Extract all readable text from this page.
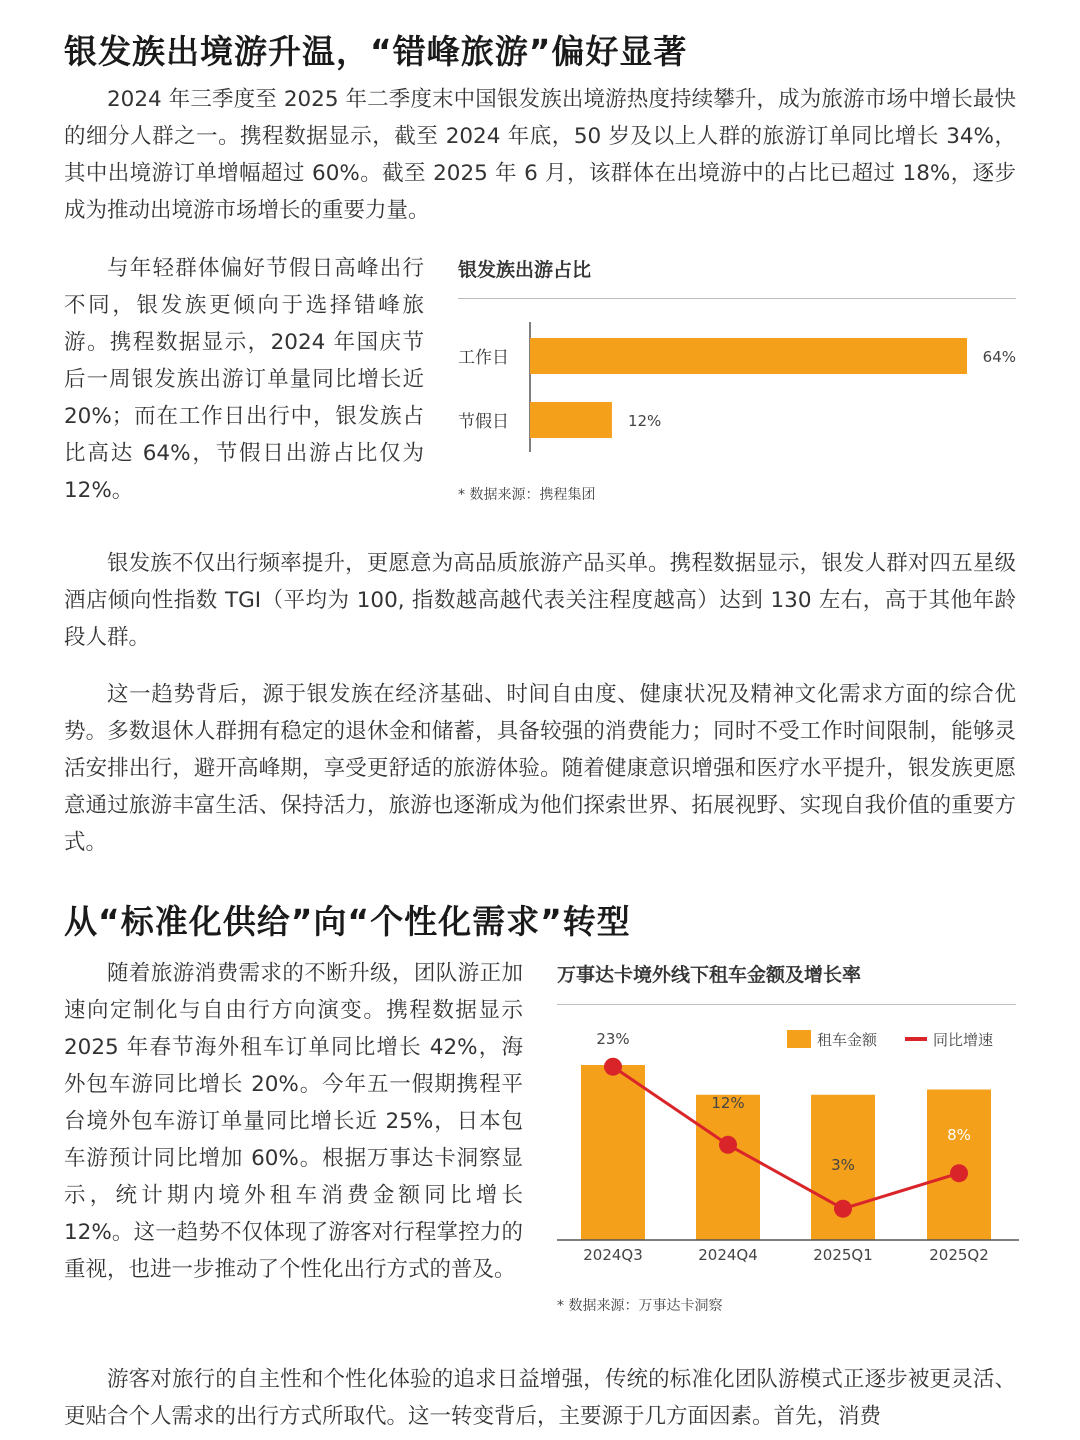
银发族出境游升温，“错峰旅游”偏好显著

2024 年三季度至 2025 年二季度末中国银发族出境游热度持续攀升，成为旅游市场中增长最快的细分人群之一。携程数据显示，截至 2024 年底，50 岁及以上人群的旅游订单同比增长 34%，其中出境游订单增幅超过 60%。截至 2025 年 6 月，该群体在出境游中的占比已超过 18%，逐步成为推动出境游市场增长的重要力量。

与年轻群体偏好节假日高峰出行不同，银发族更倾向于选择错峰旅游。携程数据显示，2024 年国庆节后一周银发族出游订单量同比增长近 20%；而在工作日出行中，银发族占比高达 64%，节假日出游占比仅为 12%。

银发族出游占比
工作日	64%
节假日	12%
* 数据来源：携程集团

银发族不仅出行频率提升，更愿意为高品质旅游产品买单。携程数据显示，银发人群对四五星级酒店倾向性指数 TGI（平均为 100, 指数越高越代表关注程度越高）达到 130 左右，高于其他年龄段人群。

这一趋势背后，源于银发族在经济基础、时间自由度、健康状况及精神文化需求方面的综合优势。多数退休人群拥有稳定的退休金和储蓄，具备较强的消费能力；同时不受工作时间限制，能够灵活安排出行，避开高峰期，享受更舒适的旅游体验。随着健康意识增强和医疗水平提升，银发族更愿意通过旅游丰富生活、保持活力，旅游也逐渐成为他们探索世界、拓展视野、实现自我价值的重要方式。

从“标准化供给”向“个性化需求”转型

随着旅游消费需求的不断升级，团队游正加速向定制化与自由行方向演变。携程数据显示 2025 年春节海外租车订单同比增长 42%，海外包车游同比增长 20%。今年五一假期携程平台境外包车游订单量同比增长近 25%，日本包车游预计同比增加 60%。根据万事达卡洞察显示，统计期内境外租车消费金额同比增长 12%。这一趋势不仅体现了游客对行程掌控力的重视，也进一步推动了个性化出行方式的普及。

万事达卡境外线下租车金额及增长率
租车金额	同比增速
23%
12%
3%
8%
2024Q3	2024Q4	2025Q1	2025Q2
* 数据来源：万事达卡洞察

游客对旅行的自主性和个性化体验的追求日益增强，传统的标准化团队游模式正逐步被更灵活、更贴合个人需求的出行方式所取代。这一转变背后，主要源于几方面因素。首先，消费
